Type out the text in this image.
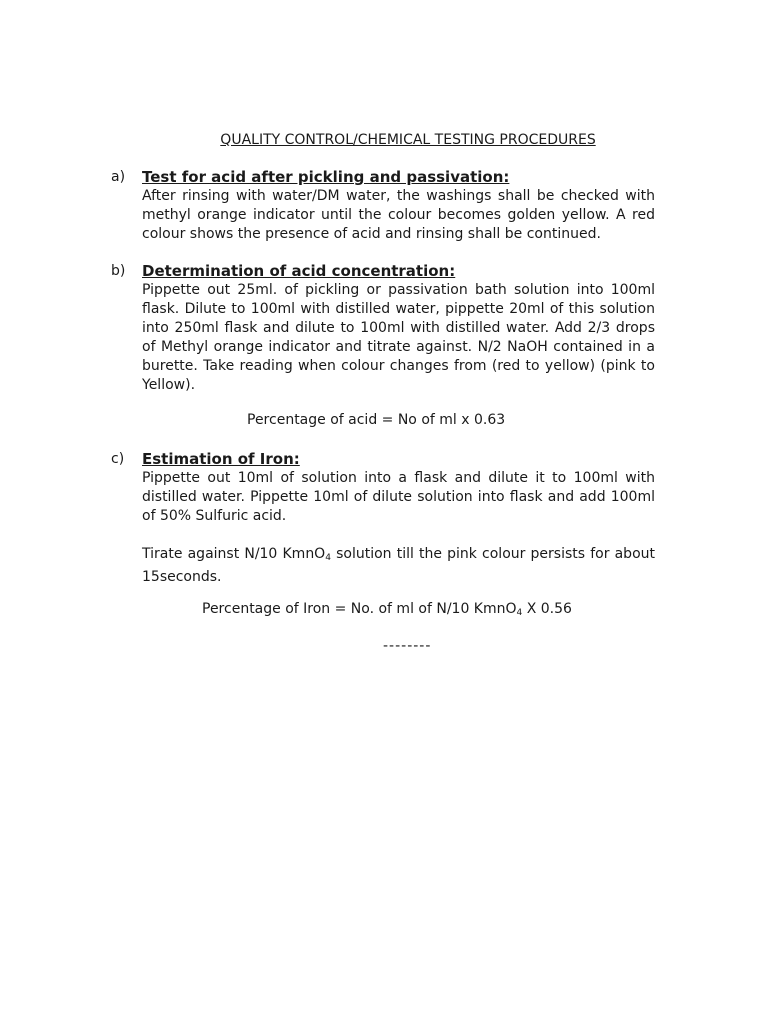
QUALITY CONTROL/CHEMICAL TESTING PROCEDURES
a)	Test for acid after pickling and passivation:

After rinsing with water/DM water, the washings shall be checked with methyl orange indicator until the colour becomes golden yellow. A red colour shows the presence of acid and rinsing shall be continued.

b)	Determination of acid concentration:

Pippette out 25ml. of pickling or passivation bath solution into 100ml flask. Dilute to 100ml with distilled water, pippette 20ml of this solution into 250ml flask and dilute to 100ml with distilled water. Add 2/3 drops of Methyl orange indicator and titrate against. N/2 NaOH contained in a burette. Take reading when colour changes from (red to yellow) (pink to Yellow).

Percentage of acid = No of ml x 0.63
c)	Estimation of Iron:

Pippette out 10ml of solution into a flask and dilute it to 100ml with distilled water. Pippette 10ml of dilute solution into flask and add 100ml of 50% Sulfuric acid.

Tirate against N/10 KmnO$_4$ solution till the pink colour persists for about 15seconds.

Percentage of Iron = No. of ml of N/10 KmnO$_4$ X 0.56
--------
